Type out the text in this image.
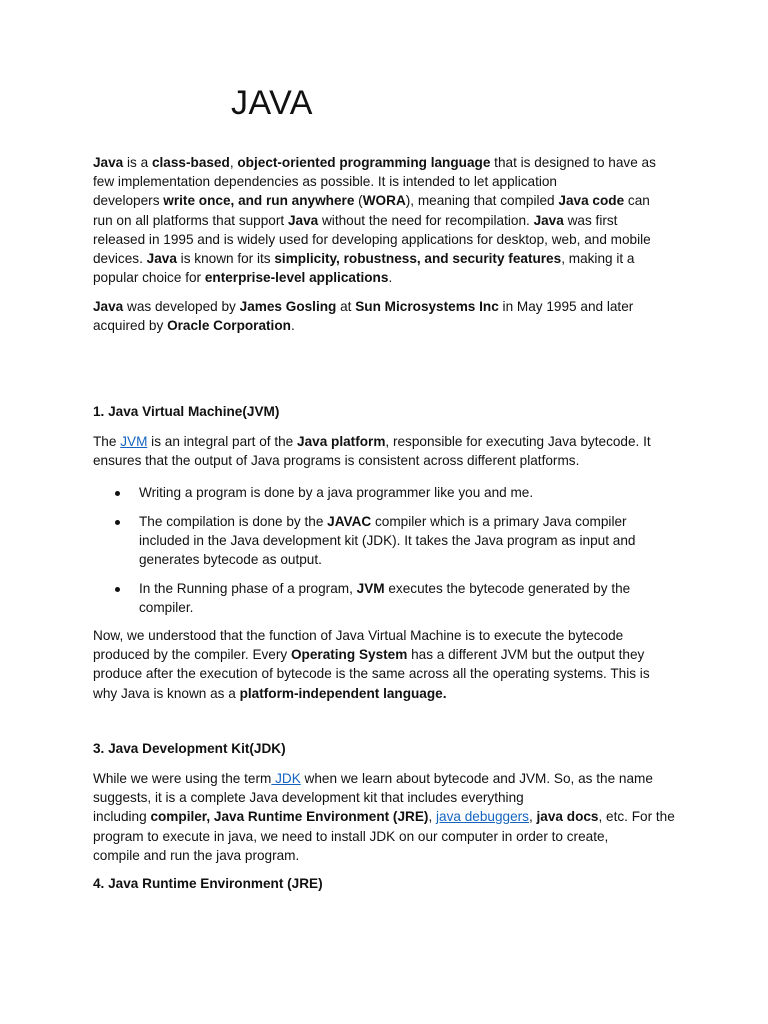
JAVA

Java is a class-based, object-oriented programming language that is designed to have as
few implementation dependencies as possible. It is intended to let application
developers write once, and run anywhere (WORA), meaning that compiled Java code can
run on all platforms that support Java without the need for recompilation. Java was first
released in 1995 and is widely used for developing applications for desktop, web, and mobile
devices. Java is known for its simplicity, robustness, and security features, making it a
popular choice for enterprise-level applications.

Java was developed by James Gosling at Sun Microsystems Inc in May 1995 and later
acquired by Oracle Corporation.

1. Java Virtual Machine(JVM)

The JVM is an integral part of the Java platform, responsible for executing Java bytecode. It
ensures that the output of Java programs is consistent across different platforms.

Writing a program is done by a java programmer like you and me.
The compilation is done by the JAVAC compiler which is a primary Java compiler
included in the Java development kit (JDK). It takes the Java program as input and
generates bytecode as output.
In the Running phase of a program, JVM executes the bytecode generated by the
compiler.

Now, we understood that the function of Java Virtual Machine is to execute the bytecode
produced by the compiler. Every Operating System has a different JVM but the output they
produce after the execution of bytecode is the same across all the operating systems. This is
why Java is known as a platform-independent language.

3. Java Development Kit(JDK)

While we were using the term JDK when we learn about bytecode and JVM. So, as the name
suggests, it is a complete Java development kit that includes everything
including compiler, Java Runtime Environment (JRE), java debuggers, java docs, etc. For the
program to execute in java, we need to install JDK on our computer in order to create,
compile and run the java program.

4. Java Runtime Environment (JRE)
